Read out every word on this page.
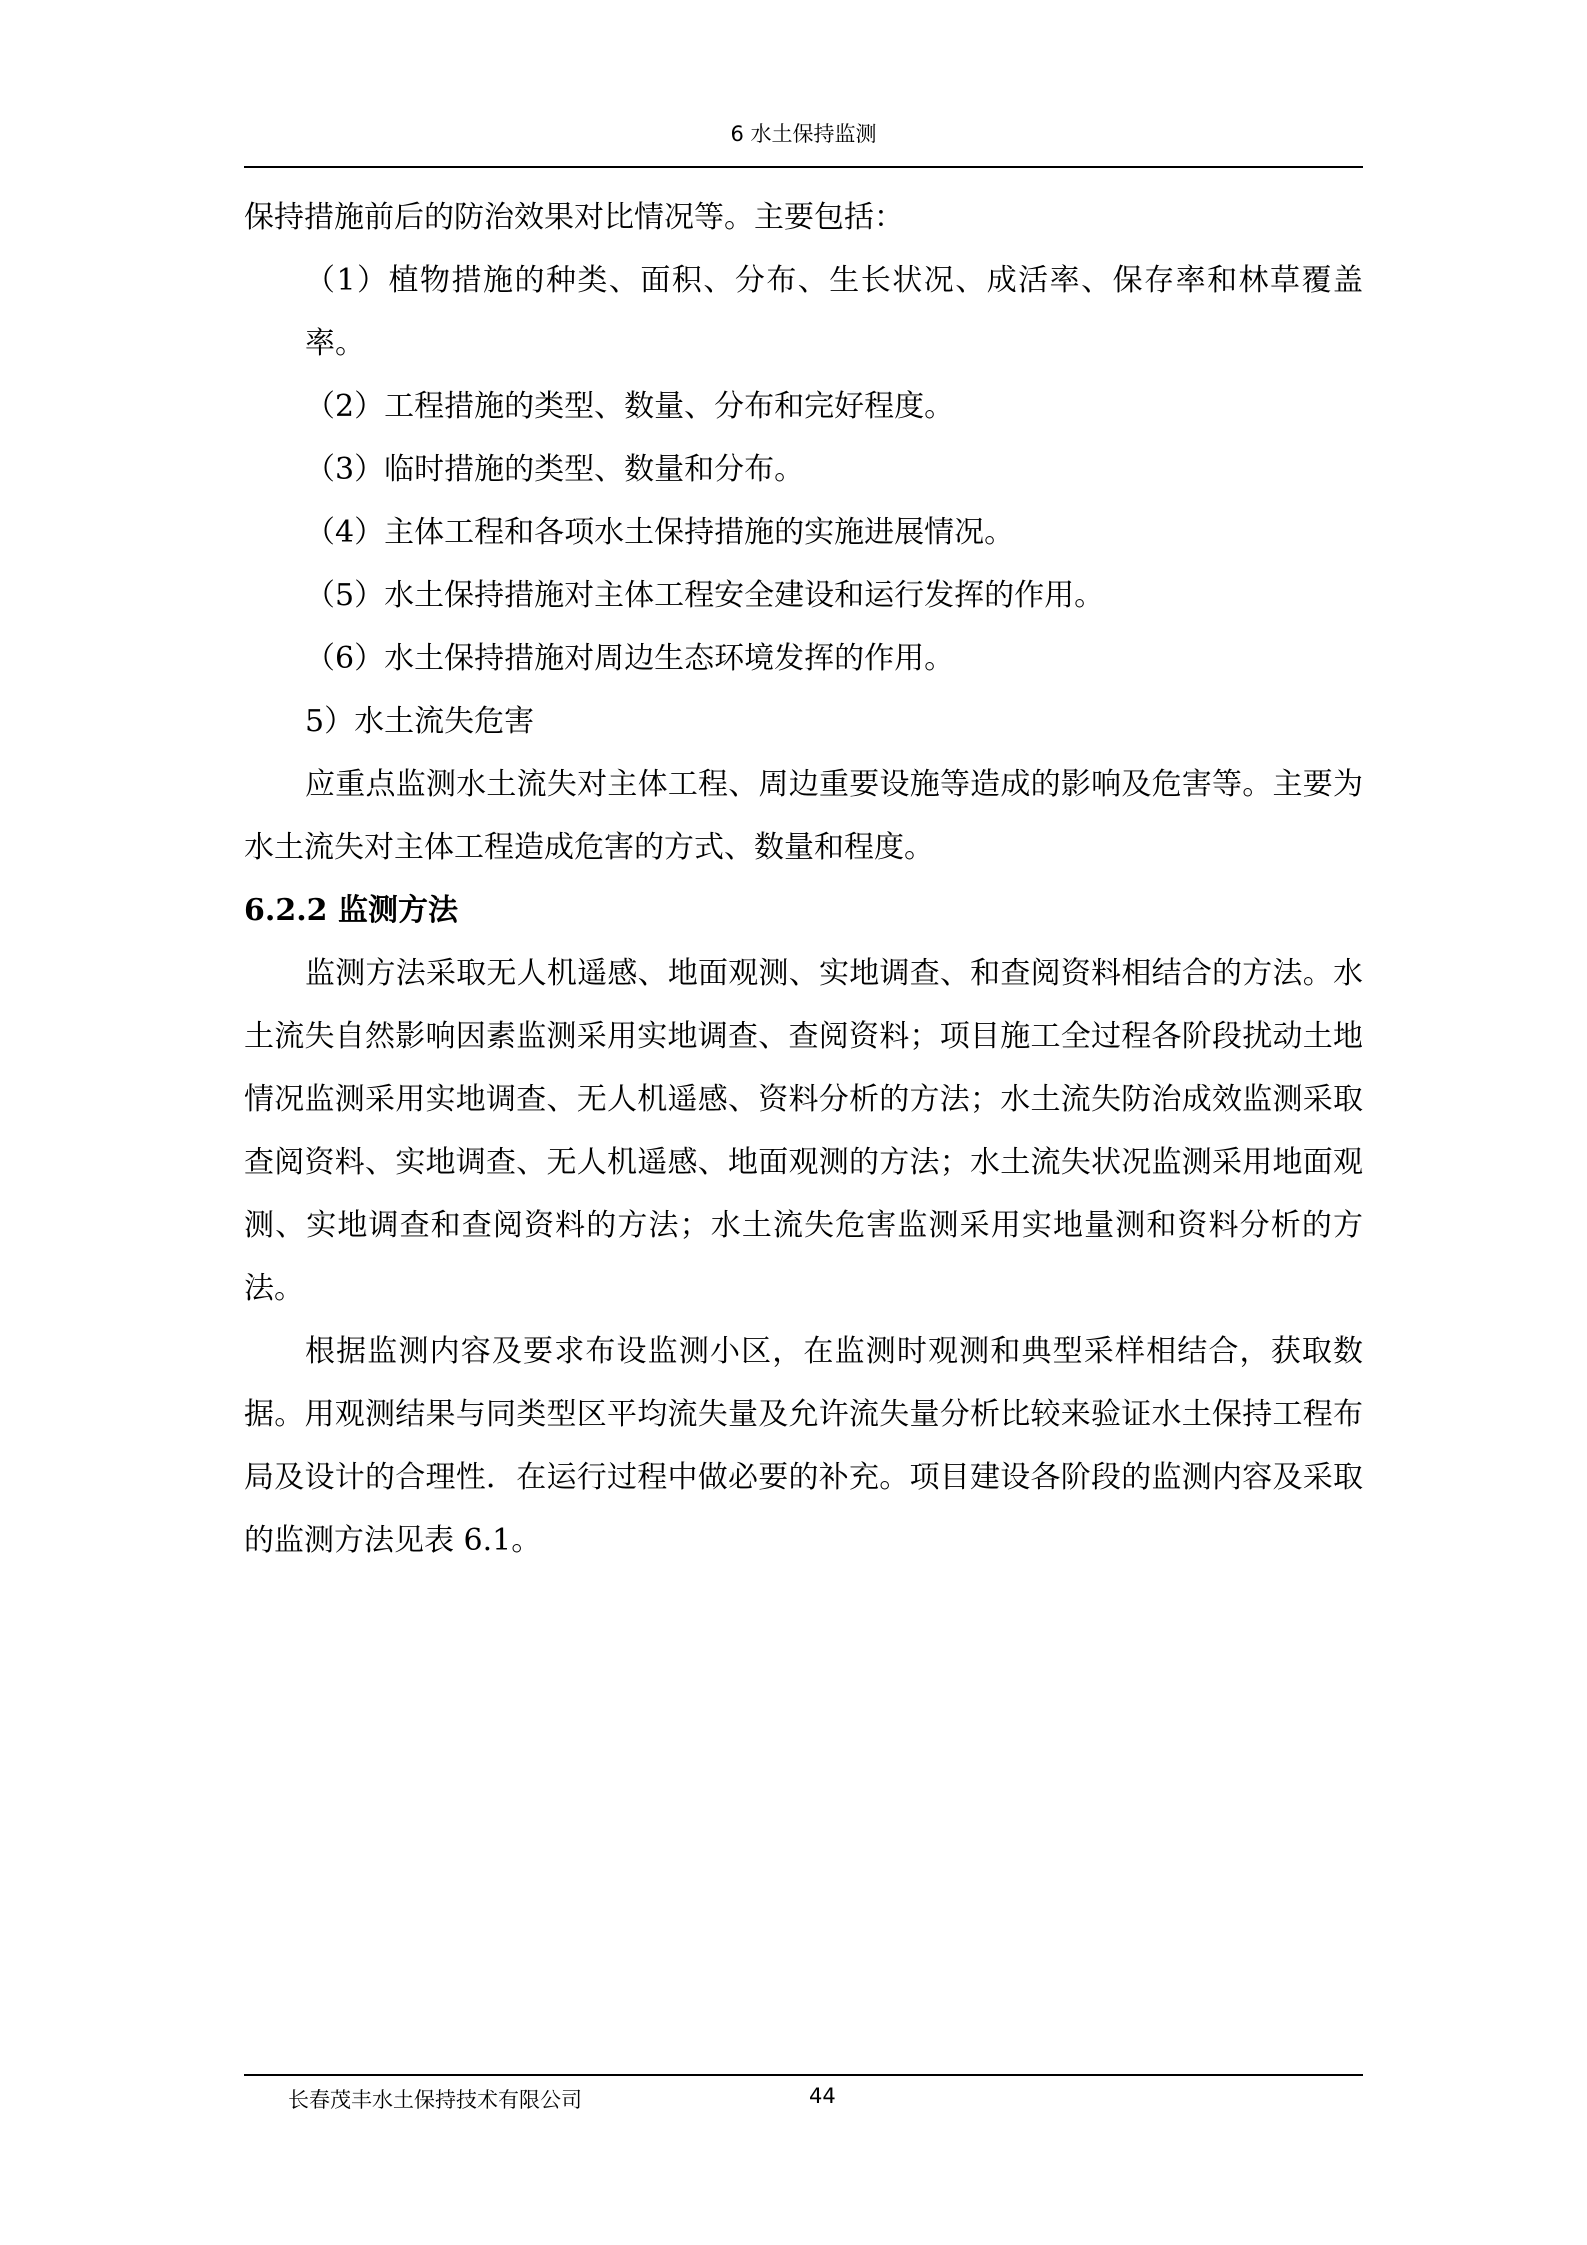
6 水土保持监测

保持措施前后的防治效果对比情况等。主要包括：

（1）植物措施的种类、面积、分布、生长状况、成活率、保存率和林草覆盖率。

（2）工程措施的类型、数量、分布和完好程度。

（3）临时措施的类型、数量和分布。

（4）主体工程和各项水土保持措施的实施进展情况。

（5）水土保持措施对主体工程安全建设和运行发挥的作用。

（6）水土保持措施对周边生态环境发挥的作用。

5）水土流失危害

应重点监测水土流失对主体工程、周边重要设施等造成的影响及危害等。主要为水土流失对主体工程造成危害的方式、数量和程度。

6.2.2 监测方法

监测方法采取无人机遥感、地面观测、实地调查、和查阅资料相结合的方法。水土流失自然影响因素监测采用实地调查、查阅资料；项目施工全过程各阶段扰动土地情况监测采用实地调查、无人机遥感、资料分析的方法；水土流失防治成效监测采取查阅资料、实地调查、无人机遥感、地面观测的方法；水土流失状况监测采用地面观测、实地调查和查阅资料的方法；水土流失危害监测采用实地量测和资料分析的方法。

根据监测内容及要求布设监测小区，在监测时观测和典型采样相结合，获取数据。用观测结果与同类型区平均流失量及允许流失量分析比较来验证水土保持工程布局及设计的合理性．在运行过程中做必要的补充。项目建设各阶段的监测内容及采取的监测方法见表 6.1。

长春茂丰水土保持技术有限公司	44
